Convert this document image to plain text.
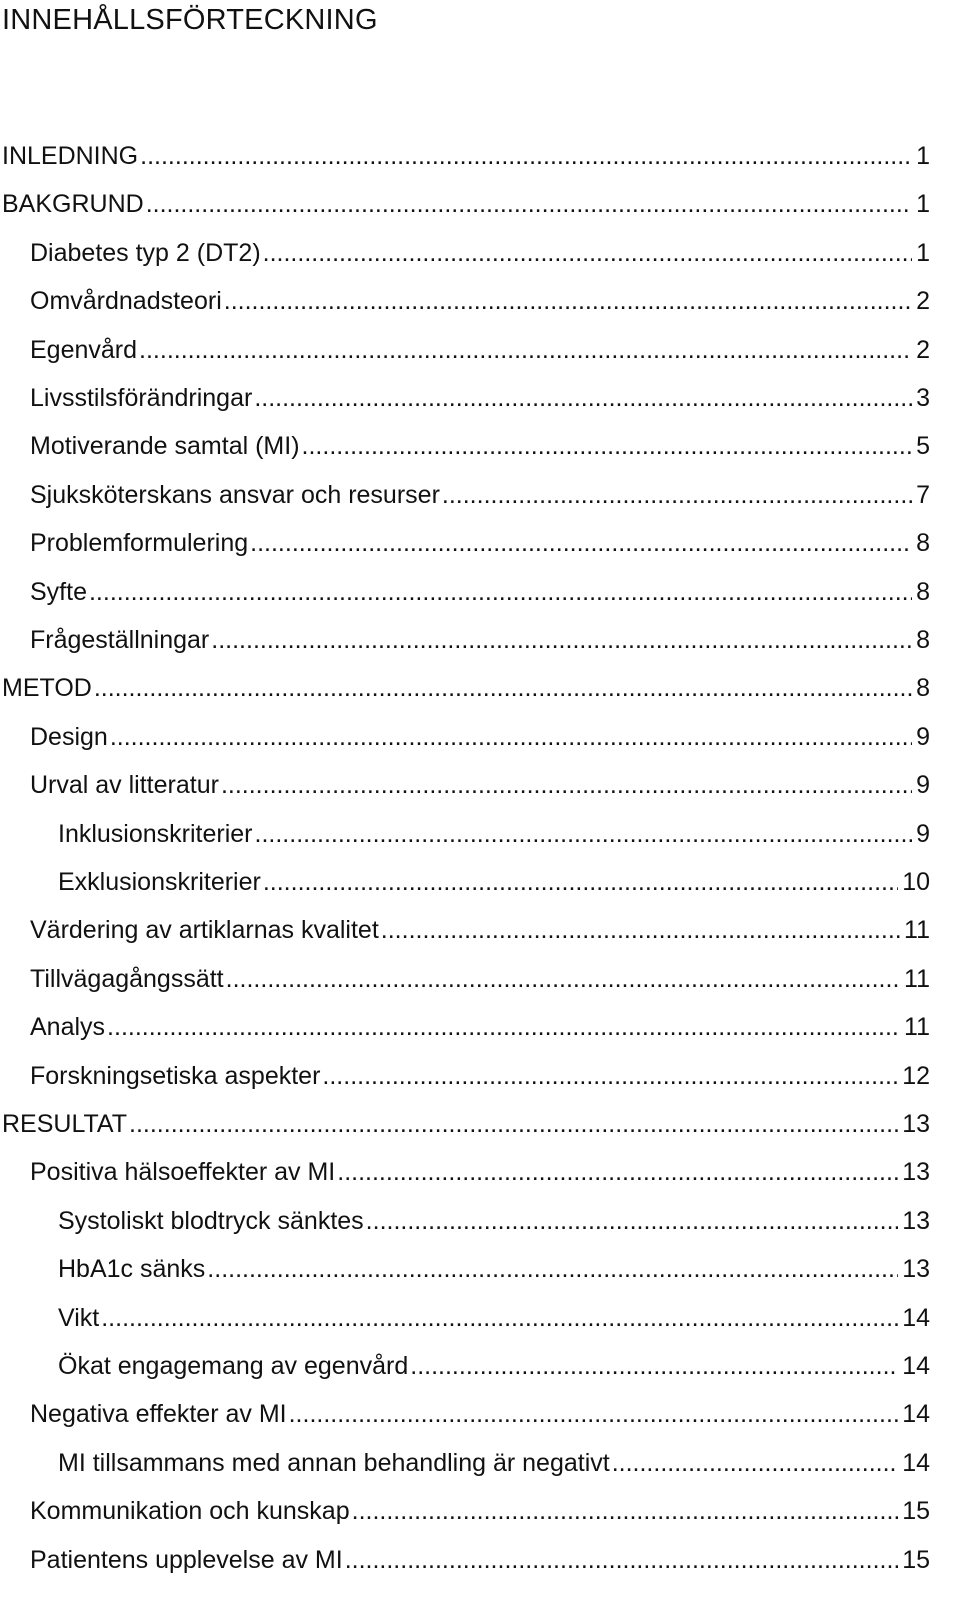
INNEHÅLLSFÖRTECKNING
INLEDNING .....	1
BAKGRUND .....	1
Diabetes typ 2 (DT2) .....	1
Omvårdnadsteori .....	2
Egenvård .....	2
Livsstilsförändringar .....	3
Motiverande samtal (MI) .....	5
Sjuksköterskans ansvar och resurser .....	7
Problemformulering .....	8
Syfte .....	8
Frågeställningar .....	8
METOD .....	8
Design .....	9
Urval av litteratur .....	9
Inklusionskriterier .....	9
Exklusionskriterier .....	10
Värdering av artiklarnas kvalitet .....	11
Tillvägagångssätt .....	11
Analys .....	11
Forskningsetiska aspekter .....	12
RESULTAT .....	13
Positiva hälsoeffekter av MI .....	13
Systoliskt blodtryck sänktes .....	13
HbA1c sänks .....	13
Vikt .....	14
Ökat engagemang av egenvård .....	14
Negativa effekter av MI .....	14
MI tillsammans med annan behandling är negativt .....	14
Kommunikation och kunskap .....	15
Patientens upplevelse av MI .....	15
